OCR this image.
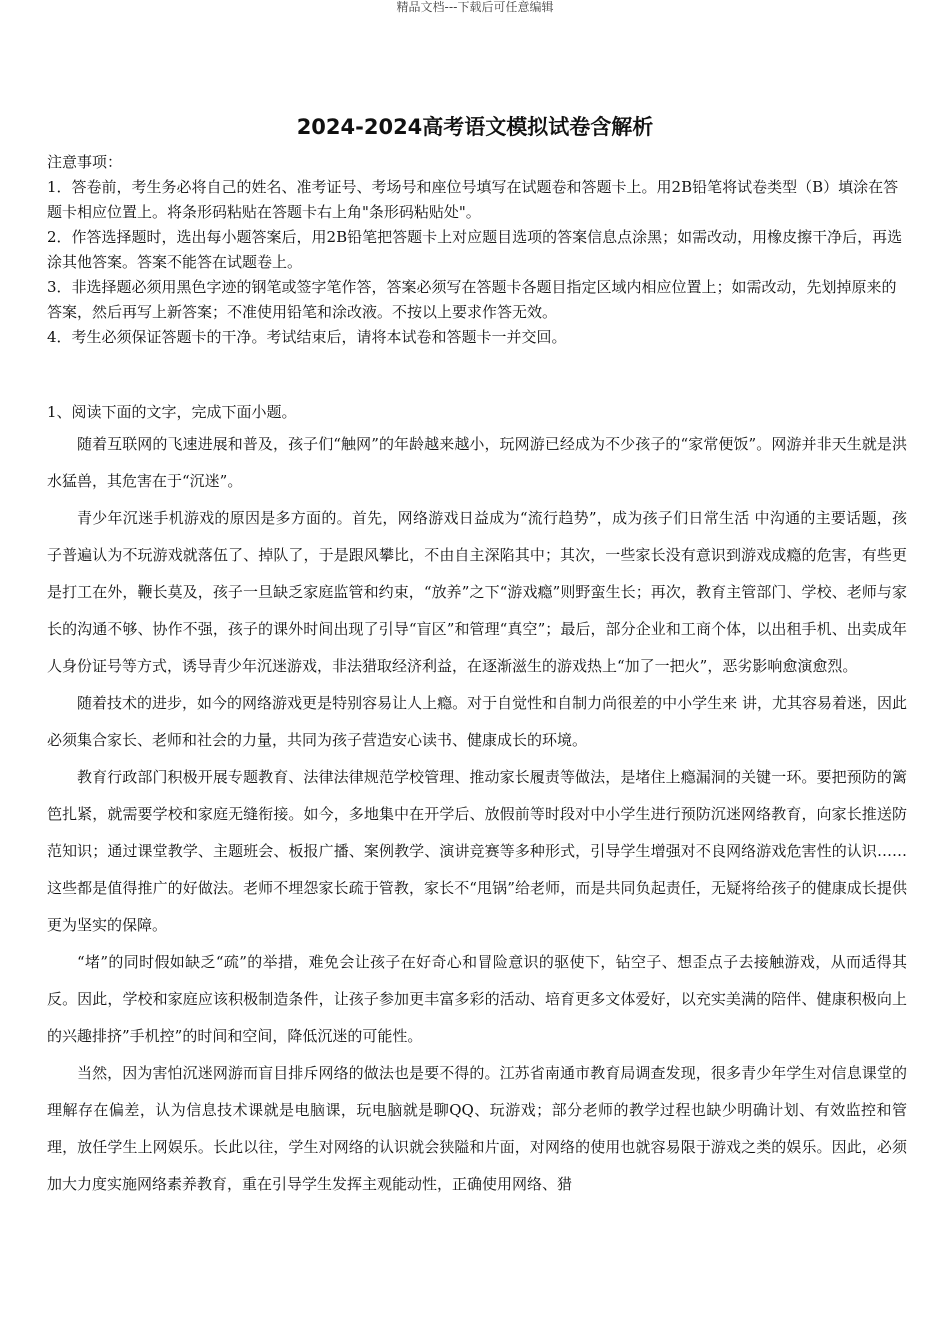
精品文档---下载后可任意编辑
2024-2024高考语文模拟试卷含解析

注意事项：

1．答卷前，考生务必将自己的姓名、准考证号、考场号和座位号填写在试题卷和答题卡上。用2B铅笔将试卷类型（B）填涂在答题卡相应位置上。将条形码粘贴在答题卡右上角"条形码粘贴处"。

2．作答选择题时，选出每小题答案后，用2B铅笔把答题卡上对应题目选项的答案信息点涂黑；如需改动，用橡皮擦干净后，再选涂其他答案。答案不能答在试题卷上。

3．非选择题必须用黑色字迹的钢笔或签字笔作答，答案必须写在答题卡各题目指定区域内相应位置上；如需改动，先划掉原来的答案，然后再写上新答案；不准使用铅笔和涂改液。不按以上要求作答无效。

4．考生必须保证答题卡的干净。考试结束后，请将本试卷和答题卡一并交回。

1、阅读下面的文字，完成下面小题。

随着互联网的飞速进展和普及，孩子们“触网”的年龄越来越小，玩网游已经成为不少孩子的“家常便饭”。网游并非天生就是洪水猛兽，其危害在于“沉迷”。

青少年沉迷手机游戏的原因是多方面的。首先，网络游戏日益成为“流行趋势”，成为孩子们日常生活 中沟通的主要话题，孩子普遍认为不玩游戏就落伍了、掉队了，于是跟风攀比，不由自主深陷其中；其次，一些家长没有意识到游戏成瘾的危害，有些更是打工在外，鞭长莫及，孩子一旦缺乏家庭监管和约束，“放养”之下“游戏瘾”则野蛮生长；再次，教育主管部门、学校、老师与家长的沟通不够、协作不强，孩子的课外时间出现了引导“盲区”和管理“真空”；最后，部分企业和工商个体，以出租手机、出卖成年人身份证号等方式，诱导青少年沉迷游戏，非法猎取经济利益，在逐渐滋生的游戏热上“加了一把火”，恶劣影响愈演愈烈。

随着技术的进步，如今的网络游戏更是特别容易让人上瘾。对于自觉性和自制力尚很差的中小学生来 讲，尤其容易着迷，因此必须集合家长、老师和社会的力量，共同为孩子营造安心读书、健康成长的环境。

教育行政部门积极开展专题教育、法律法律规范学校管理、推动家长履责等做法，是堵住上瘾漏洞的关键一环。要把预防的篱笆扎紧，就需要学校和家庭无缝衔接。如今，多地集中在开学后、放假前等时段对中小学生进行预防沉迷网络教育，向家长推送防范知识；通过课堂教学、主题班会、板报广播、案例教学、演讲竞赛等多种形式，引导学生增强对不良网络游戏危害性的认识……这些都是值得推广的好做法。老师不埋怨家长疏于管教，家长不“甩锅”给老师，而是共同负起责任，无疑将给孩子的健康成长提供更为坚实的保障。

“堵”的同时假如缺乏“疏”的举措，难免会让孩子在好奇心和冒险意识的驱使下，钻空子、想歪点子去接触游戏，从而适得其反。因此，学校和家庭应该积极制造条件，让孩子参加更丰富多彩的活动、培育更多文体爱好，以充实美满的陪伴、健康积极向上的兴趣排挤”手机控”的时间和空间，降低沉迷的可能性。

当然，因为害怕沉迷网游而盲目排斥网络的做法也是要不得的。江苏省南通市教育局调查发现，很多青少年学生对信息课堂的理解存在偏差，认为信息技术课就是电脑课，玩电脑就是聊QQ、玩游戏；部分老师的教学过程也缺少明确计划、有效监控和管理，放任学生上网娱乐。长此以往，学生对网络的认识就会狭隘和片面，对网络的使用也就容易限于游戏之类的娱乐。因此，必须加大力度实施网络素养教育，重在引导学生发挥主观能动性，正确使用网络、猎
